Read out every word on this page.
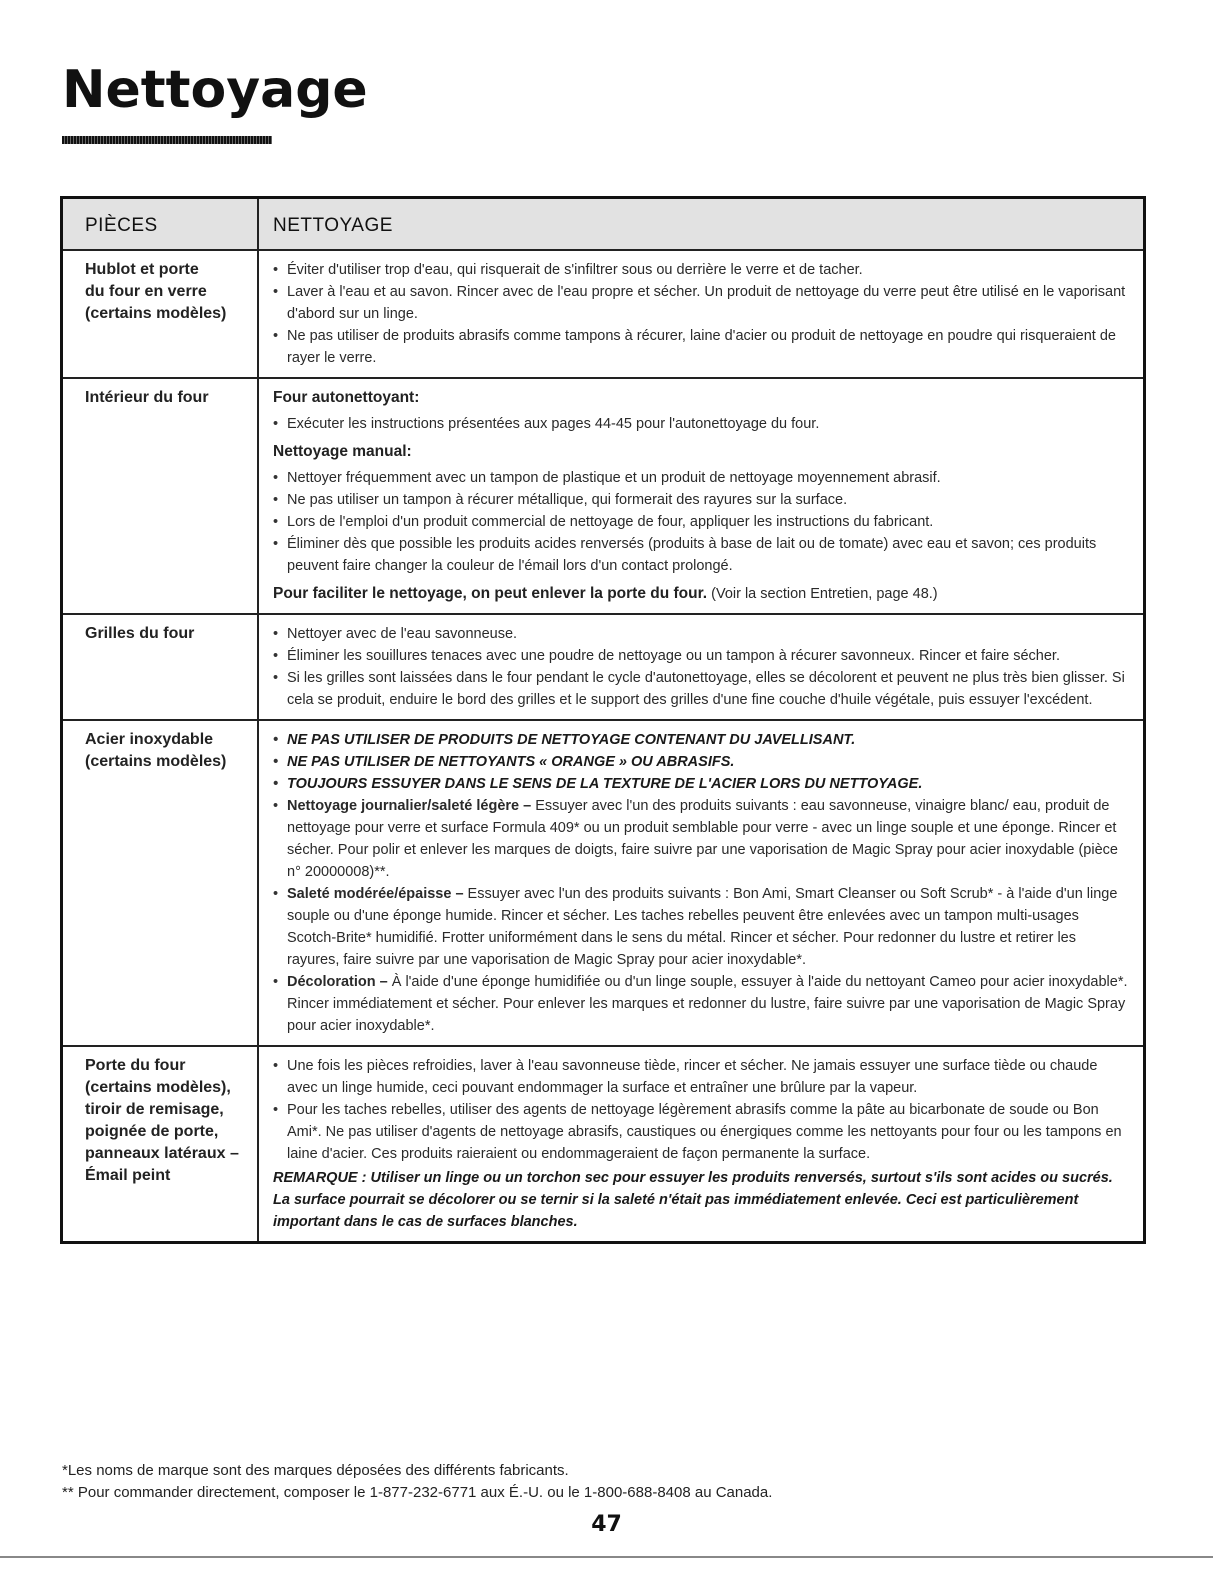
Nettoyage
PIÈCES	NETTOYAGE
Hublot et porte
du four en verre
(certains modèles)
• Éviter d'utiliser trop d'eau, qui risquerait de s'infiltrer sous ou derrière le verre et de tacher.
• Laver à l'eau et au savon. Rincer avec de l'eau propre et sécher. Un produit de nettoyage du verre peut être utilisé en le vaporisant d'abord sur un linge.
• Ne pas utiliser de produits abrasifs comme tampons à récurer, laine d'acier ou produit de nettoyage en poudre qui risqueraient de rayer le verre.
Intérieur du four	Four autonettoyant:
• Exécuter les instructions présentées aux pages 44-45 pour l'autonettoyage du four.
Nettoyage manual:
• Nettoyer fréquemment avec un tampon de plastique et un produit de nettoyage moyennement abrasif.
• Ne pas utiliser un tampon à récurer métallique, qui formerait des rayures sur la surface.
• Lors de l'emploi d'un produit commercial de nettoyage de four, appliquer les instructions du fabricant.
• Éliminer dès que possible les produits acides renversés (produits à base de lait ou de tomate) avec eau et savon; ces produits peuvent faire changer la couleur de l'émail lors d'un contact prolongé.
Pour faciliter le nettoyage, on peut enlever la porte du four. (Voir la section Entretien, page 48.)
Grilles du four
•	Nettoyer avec de l'eau savonneuse.
• Éliminer les souillures tenaces avec une poudre de nettoyage ou un tampon à récurer savonneux. Rincer et faire sécher.
• Si les grilles sont laissées dans le four pendant le cycle d'autonettoyage, elles se décolorent et peuvent ne plus très bien glisser. Si cela se produit, enduire le bord des grilles et le support des grilles d'une fine couche d'huile végétale, puis essuyer l'excédent.
Acier inoxydable
(certains modèles)
• NE PAS UTILISER DE PRODUITS DE NETTOYAGE CONTENANT DU JAVELLISANT.
• NE PAS UTILISER DE NETTOYANTS « ORANGE » OU ABRASIFS.
• TOUJOURS ESSUYER DANS LE SENS DE LA TEXTURE DE L'ACIER LORS DU NETTOYAGE.
• Nettoyage journalier/saleté légère – Essuyer avec l'un des produits suivants : eau savonneuse, vinaigre blanc/ eau, produit de nettoyage pour verre et surface Formula 409* ou un produit semblable pour verre - avec un linge souple et une éponge. Rincer et sécher. Pour polir et enlever les marques de doigts, faire suivre par une vaporisation de Magic Spray pour acier inoxydable (pièce n° 20000008)**.
• Saleté modérée/épaisse – Essuyer avec l'un des produits suivants : Bon Ami, Smart Cleanser ou Soft Scrub* - à l'aide d'un linge souple ou d'une éponge humide. Rincer et sécher. Les taches rebelles peuvent être enlevées avec un tampon multi-usages Scotch-Brite* humidifié. Frotter uniformément dans le sens du métal. Rincer et sécher. Pour redonner du lustre et retirer les rayures, faire suivre par une vaporisation de Magic Spray pour acier inoxydable*.
• Décoloration – À l'aide d'une éponge humidifiée ou d'un linge souple, essuyer à l'aide du nettoyant Cameo pour acier inoxydable*. Rincer immédiatement et sécher. Pour enlever les marques et redonner du lustre, faire suivre par une vaporisation de Magic Spray pour acier inoxydable*.
Porte du four
(certains modèles),
tiroir de remisage,
poignée de porte,
panneaux latéraux –
Émail peint
• Une fois les pièces refroidies, laver à l'eau savonneuse tiède, rincer et sécher. Ne jamais essuyer une surface tiède ou chaude avec un linge humide, ceci pouvant endommager la surface et entraîner une brûlure par la vapeur.
• Pour les taches rebelles, utiliser des agents de nettoyage légèrement abrasifs comme la pâte au bicarbonate de soude ou Bon Ami*. Ne pas utiliser d'agents de nettoyage abrasifs, caustiques ou énergiques comme les nettoyants pour four ou les tampons en laine d'acier. Ces produits raieraient ou endommageraient de façon permanente la surface.
REMARQUE : Utiliser un linge ou un torchon sec pour essuyer les produits renversés, surtout s'ils sont acides ou sucrés. La surface pourrait se décolorer ou se ternir si la saleté n'était pas immédiatement enlevée. Ceci est particulièrement important dans le cas de surfaces blanches.
*Les noms de marque sont des marques déposées des différents fabricants.
** Pour commander directement, composer le 1-877-232-6771 aux É.-U. ou le 1-800-688-8408 au Canada.
47
